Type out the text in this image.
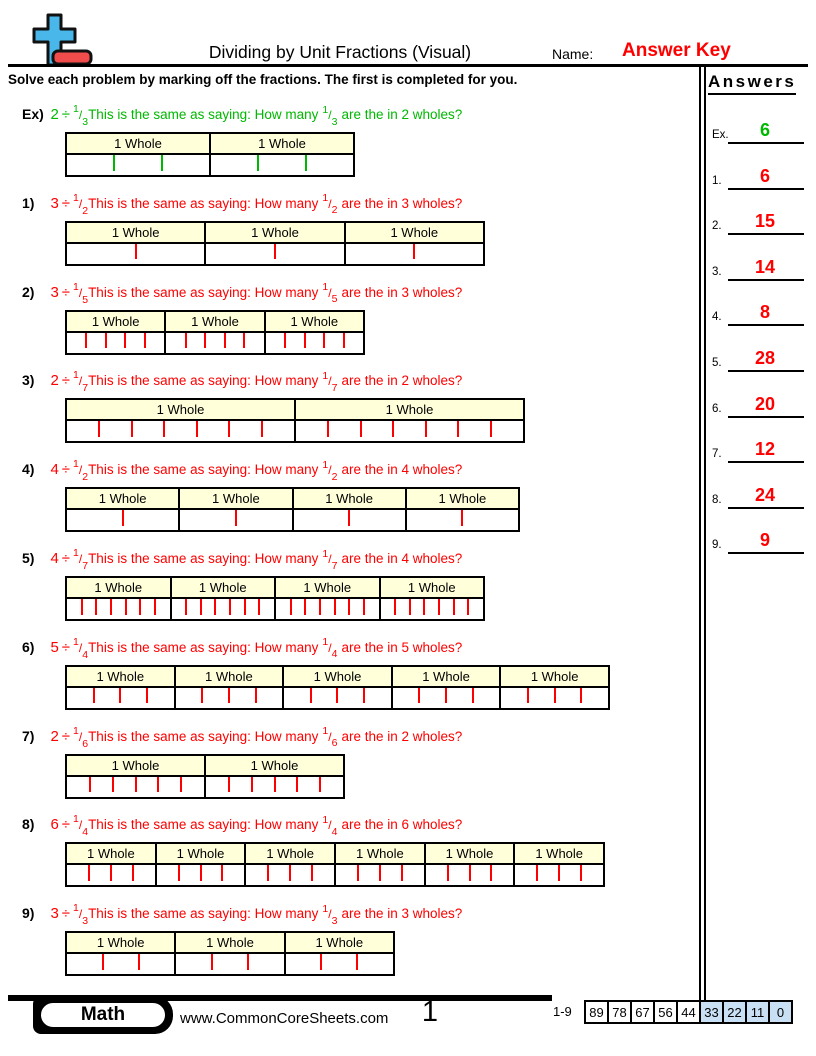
Dividing by Unit Fractions (Visual)	Name: Answer Key
Solve each problem by marking off the fractions. The first is completed for you.	Answers
Ex.	6
1.	6
2.	15
3.	14
4.	8
5.	28
6.	20
7.	12
8.	24
9.	9
Ex) $2 \div ^1/_3This$ is the same as saying: How many $^1/_3$ are the in 2 wholes?
1 Whole	1 Whole
1) $3 \div ^1/_2This$ is the same as saying: How many $^1/_2$ are the in 3 wholes?
1 Whole	1 Whole	1 Whole
2) $3 \div ^1/_5This$ is the same as saying: How many $^1/_5$ are the in 3 wholes?
1 Whole	1 Whole	1 Whole
3) $2 \div ^1/_7This$ is the same as saying: How many $^1/_7$ are the in 2 wholes?
1 Whole	1 Whole
4) $4 \div ^1/_2This$ is the same as saying: How many $^1/_2$ are the in 4 wholes?
1 Whole	1 Whole	1 Whole	1 Whole
5) $4 \div ^1/_7This$ is the same as saying: How many $^1/_7$ are the in 4 wholes?
1 Whole	1 Whole	1 Whole	1 Whole
6) $5 \div ^1/_4This$ is the same as saying: How many $^1/_4$ are the in 5 wholes?
1 Whole	1 Whole	1 Whole	1 Whole	1 Whole
7) $2 \div ^1/_6This$ is the same as saying: How many $^1/_6$ are the in 2 wholes?
1 Whole	1 Whole
8) $6 \div ^1/_4This$ is the same as saying: How many $^1/_4$ are the in 6 wholes?
1 Whole	1 Whole	1 Whole	1 Whole	1 Whole	1 Whole
9) $3 \div ^1/_3This$ is the same as saying: How many $^1/_3$ are the in 3 wholes?
1 Whole	1 Whole	1 Whole
Math	www.CommonCoreSheets.com	1	1-9	89 78 67 56 44 33 22 11 0
